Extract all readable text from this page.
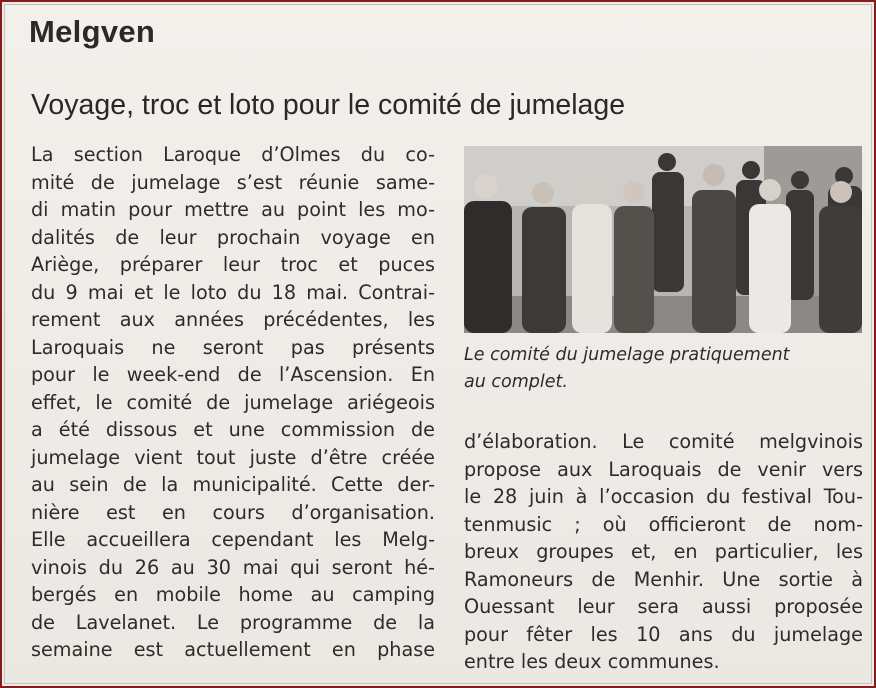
Melgven
Voyage, troc et loto pour le comité de jumelage
La section Laroque d’Olmes du co-
mité de jumelage s’est réunie same-
di matin pour mettre au point les mo-
dalités de leur prochain voyage en
Ariège, préparer leur troc et puces
du 9 mai et le loto du 18 mai. Contrai-
rement aux années précédentes, les
Laroquais ne seront pas présents
pour le week-end de l’Ascension. En
effet, le comité de jumelage ariégeois
a été dissous et une commission de
jumelage vient tout juste d’être créée
au sein de la municipalité. Cette der-
nière est en cours d’organisation.
Elle accueillera cependant les Melg-
vinois du 26 au 30 mai qui seront hé-
bergés en mobile home au camping
de Lavelanet. Le programme de la
semaine est actuellement en phase
Le comité du jumelage pratiquement
au complet.
d’élaboration. Le comité melgvinois
propose aux Laroquais de venir vers
le 28 juin à l’occasion du festival Tou-
tenmusic ; où officieront de nom-
breux groupes et, en particulier, les
Ramoneurs de Menhir. Une sortie à
Ouessant leur sera aussi proposée
pour fêter les 10 ans du jumelage
entre les deux communes.
